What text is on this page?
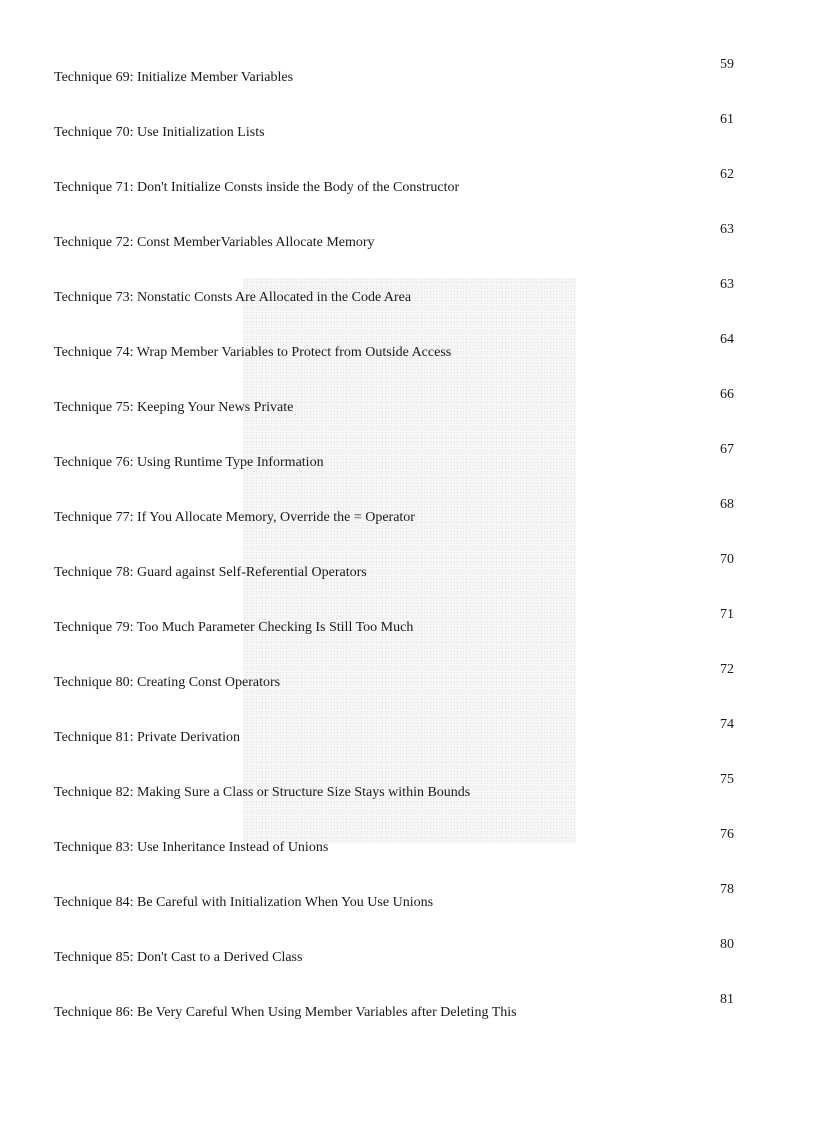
Technique 69: Initialize Member Variables
59
Technique 70: Use Initialization Lists
61
Technique 71: Don't Initialize Consts inside the Body of the Constructor
62
Technique 72: Const MemberVariables Allocate Memory
63
Technique 73: Nonstatic Consts Are Allocated in the Code Area
63
Technique 74: Wrap Member Variables to Protect from Outside Access
64
Technique 75: Keeping Your News Private
66
Technique 76: Using Runtime Type Information
67
Technique 77: If You Allocate Memory, Override the = Operator
68
Technique 78: Guard against Self-Referential Operators
70
Technique 79: Too Much Parameter Checking Is Still Too Much
71
Technique 80: Creating Const Operators
72
Technique 81: Private Derivation
74
Technique 82: Making Sure a Class or Structure Size Stays within Bounds
75
Technique 83: Use Inheritance Instead of Unions
76
Technique 84: Be Careful with Initialization When You Use Unions
78
Technique 85: Don't Cast to a Derived Class
80
Technique 86: Be Very Careful When Using Member Variables after Deleting This
81
